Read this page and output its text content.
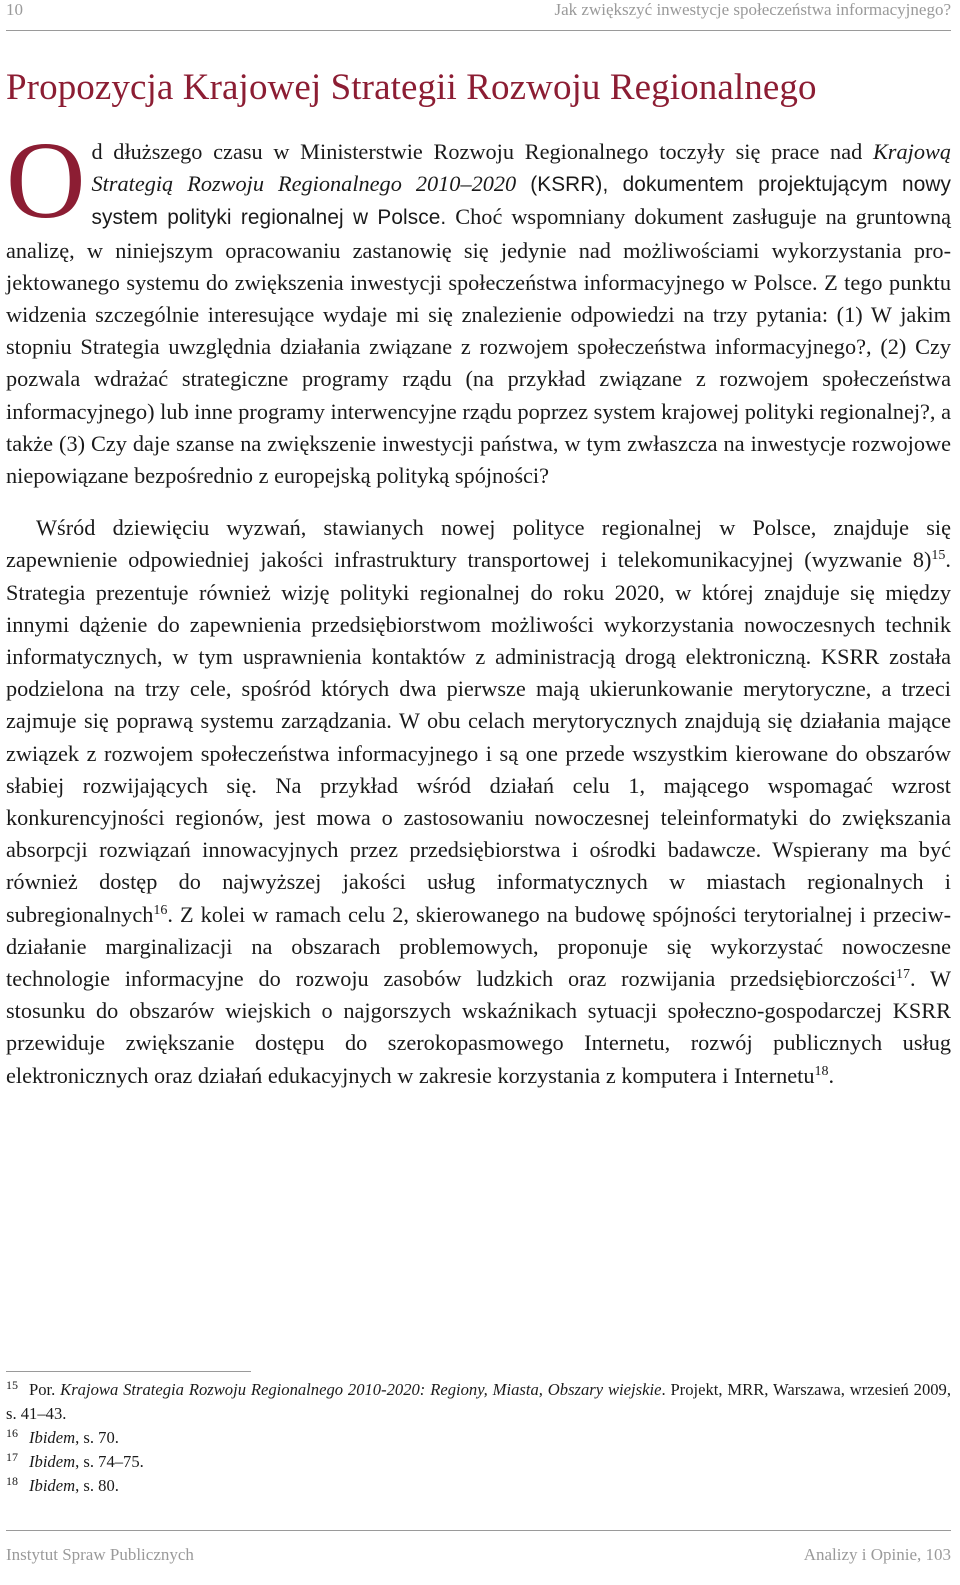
10	Jak zwiększyć inwestycje społeczeństwa informacyjnego?
Propozycja Krajowej Strategii Rozwoju Regionalnego

O d dłuższego czasu w Ministerstwie Rozwoju Regionalnego toczyły się prace nad Krajową Strategią Rozwoju Regionalnego 2010–2020 (KSRR), dokumentem projektującym nowy system polityki regionalnej w Polsce. Choć wspomniany dokument zasługuje na gruntowną analizę, w niniejszym opracowaniu zastanowię się jedynie nad możliwościami wykorzystania projektowanego systemu do zwiększenia inwestycji społeczeństwa informacyjnego w Polsce. Z tego punktu widzenia szczególnie interesujące wydaje mi się znalezienie odpowiedzi na trzy pytania: (1) W jakim stopniu Strategia uwzględnia działania związane z rozwojem społeczeństwa informacyjnego?, (2) Czy pozwala wdrażać strategiczne programy rządu (na przykład związane z rozwojem społeczeństwa informacyjnego) lub inne programy interwencyjne rządu poprzez system krajowej polityki regionalnej?, a także (3) Czy daje szanse na zwiększenie inwestycji państwa, w tym zwłaszcza na inwestycje rozwojowe niepowiązane bezpośrednio z europejską polityką spójności?

Wśród dziewięciu wyzwań, stawianych nowej polityce regionalnej w Polsce, znajduje się zapewnienie odpowiedniej jakości infrastruktury transportowej i telekomunikacyjnej (wyzwanie 8)$^{15}$. Strategia prezentuje również wizję polityki regionalnej do roku 2020, w której znajduje się między innymi dążenie do zapewnienia przedsiębiorstwom możliwości wykorzystania nowoczesnych technik informatycznych, w tym usprawnienia kontaktów z administracją drogą elektroniczną. KSRR została podzielona na trzy cele, spośród których dwa pierwsze mają ukierunkowanie merytoryczne, a trzeci zajmuje się poprawą systemu zarządzania. W obu celach merytorycznych znajdują się działania mające związek z rozwojem społeczeństwa informacyjnego i są one przede wszystkim kierowane do obszarów słabiej rozwijających się. Na przykład wśród działań celu 1, mającego wspomagać wzrost konkurencyjności regionów, jest mowa o zastosowaniu nowoczesnej teleinformatyki do zwiększania absorpcji rozwiązań innowacyjnych przez przedsiębiorstwa i ośrodki badawcze. Wspierany ma być również dostęp do najwyższej jakości usług informatycznych w miastach regionalnych i subregionalnych$^{16}$. Z kolei w ramach celu 2, skierowanego na budowę spójności terytorialnej i przeciwdziałanie marginalizacji na obszarach problemowych, proponuje się wykorzystać nowoczesne technologie informacyjne do rozwoju zasobów ludzkich oraz rozwijania przedsiębiorczości$^{17}$. W stosunku do obszarów wiejskich o najgorszych wskaźnikach sytuacji społeczno-gospodarczej KSRR przewiduje zwiększanie dostępu do szerokopasmowego Internetu, rozwój publicznych usług elektronicznych oraz działań edukacyjnych w zakresie korzystania z komputera i Internetu$^{18}$.

$^{15}$ Por. Krajowa Strategia Rozwoju Regionalnego 2010-2020: Regiony, Miasta, Obszary wiejskie. Projekt, MRR, Warszawa, wrzesień 2009, s. 41–43.

$^{16}$ Ibidem, s. 70.

$^{17}$ Ibidem, s. 74–75.

$^{18}$ Ibidem, s. 80.

Instytut Spraw Publicznych	Analizy i Opinie, 103
